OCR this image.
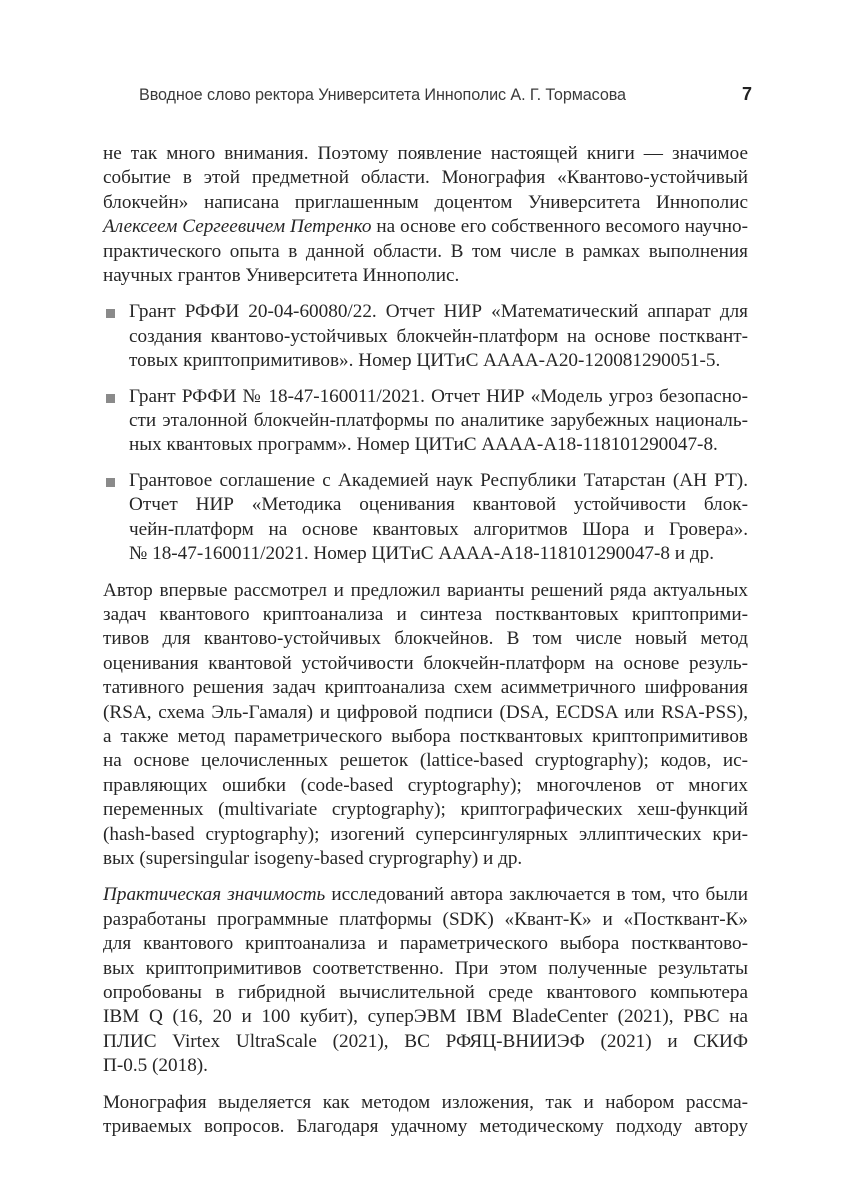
Вводное слово ректора Университета Иннополис А. Г. Тормасова	7
не так много внимания. Поэтому появление настоящей книги — значимое
событие в этой предметной области. Монография «Квантово-устойчивый
блокчейн» написана приглашенным доцентом Университета Иннополис
Алексеем Сергеевичем Петренко на основе его собственного весомого научно-
практического опыта в данной области. В том числе в рамках выполнения
научных грантов Университета Иннополис.
Грант РФФИ 20-04-60080/22. Отчет НИР «Математический аппарат для
создания квантово-устойчивых блокчейн-платформ на основе постквант-
товых криптопримитивов». Номер ЦИТиС АААА-А20-120081290051-5.
Грант РФФИ № 18-47-160011/2021. Отчет НИР «Модель угроз безопасно-
сти эталонной блокчейн-платформы по аналитике зарубежных националь-
ных квантовых программ». Номер ЦИТиС АААА-А18-118101290047-8.
Грантовое соглашение с Академией наук Республики Татарстан (АН РТ).
Отчет НИР «Методика оценивания квантовой устойчивости блок-
чейн-платформ на основе квантовых алгоритмов Шора и Гровера».
№ 18-47-160011/2021. Номер ЦИТиС АААА-А18-118101290047-8 и др.
Автор впервые рассмотрел и предложил варианты решений ряда актуальных
задач квантового криптоанализа и синтеза постквантовых криптоприми-
тивов для квантово-устойчивых блокчейнов. В том числе новый метод
оценивания квантовой устойчивости блокчейн-платформ на основе резуль-
тативного решения задач криптоанализа схем асимметричного шифрования
(RSA, схема Эль-Гамаля) и цифровой подписи (DSA, ECDSA или RSA-PSS),
а также метод параметрического выбора постквантовых криптопримитивов
на основе целочисленных решеток (lattice-based cryptography); кодов, ис-
правляющих ошибки (code-based cryptography); многочленов от многих
переменных (multivariate cryptography); криптографических хеш-функций
(hash-based cryptography); изогений суперсингулярных эллиптических кри-
вых (supersingular isogeny-based cryprography) и др.
Практическая значимость исследований автора заключается в том, что были
разработаны программные платформы (SDK) «Квант-К» и «Постквант-К»
для квантового криптоанализа и параметрического выбора постквантово-
вых криптопримитивов соответственно. При этом полученные результаты
опробованы в гибридной вычислительной среде квантового компьютера
IBM Q (16, 20 и 100 кубит), суперЭВМ IBM BladeCenter (2021), РВС на
ПЛИС Virtex UltraScale (2021), ВС РФЯЦ-ВНИИЭФ (2021) и СКИФ
П-0.5 (2018).
Монография выделяется как методом изложения, так и набором рассма-
триваемых вопросов. Благодаря удачному методическому подходу автору
